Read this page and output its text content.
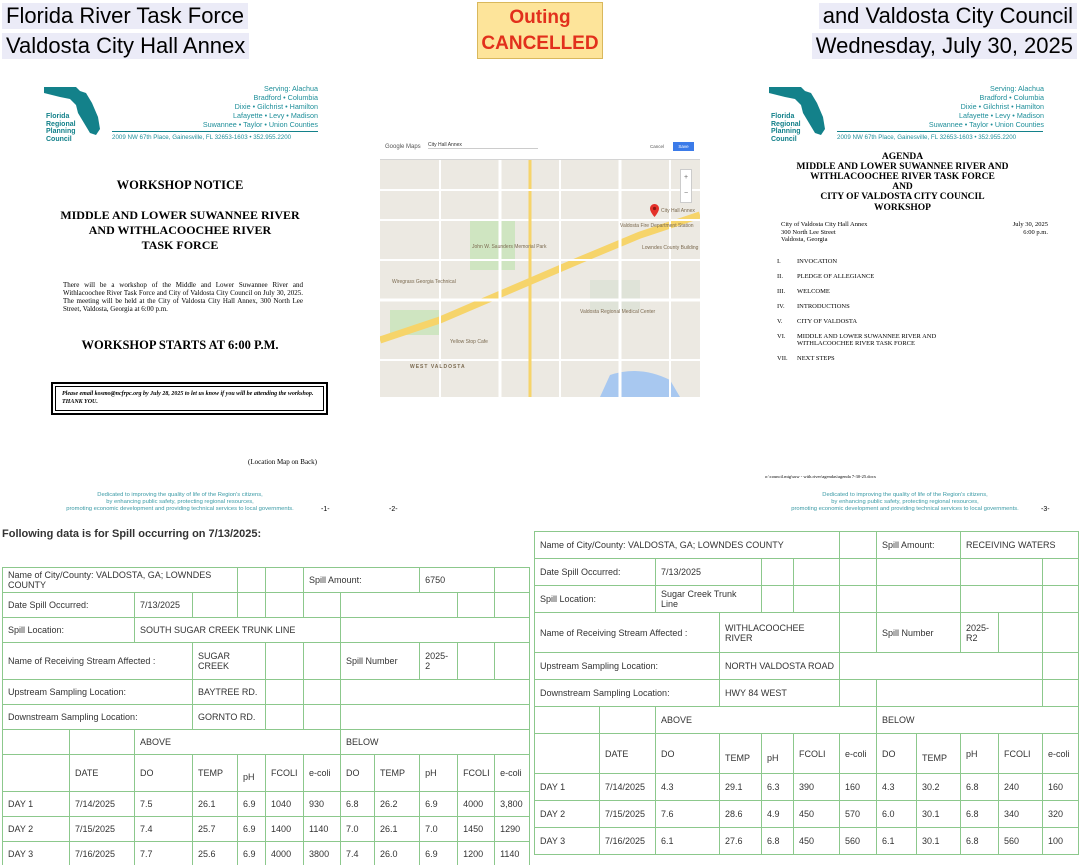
Florida River Task Force
Valdosta City Hall Annex
and Valdosta City Council
Wednesday, July 30, 2025
Outing
CANCELLED
North
Central
Florida
Regional
Planning
Council
Serving: Alachua
Bradford • Columbia
Dixie • Gilchrist • Hamilton
Lafayette • Levy • Madison
Suwannee • Taylor • Union Counties
2009 NW 67th Place, Gainesville, FL 32653-1603 • 352.955.2200
WORKSHOP NOTICE
MIDDLE AND LOWER SUWANNEE RIVER
AND WITHLACOOCHEE RIVER
TASK FORCE
There will be a workshop of the Middle and Lower Suwannee River and Withlacoochee River Task Force and City of Valdosta City Council on July 30, 2025. The meeting will be held at the City of Valdosta City Hall Annex, 300 North Lee Street, Valdosta, Georgia at 6:00 p.m.
WORKSHOP STARTS AT 6:00 P.M.
Please email kosmo@ncfrpc.org by July 28, 2025 to let us know if you will be attending the workshop. THANK YOU.
(Location Map on Back)
Dedicated to improving the quality of life of the Region's citizens,
by enhancing public safety, protecting regional resources,
promoting economic development and providing technical services to local governments.	-1-
Google Maps City Hall Annex	Cancel	Save
+
−
City Hall Annex
Valdosta Fire Department Station
Lowndes County Building
John W. Saunders Memorial Park
Wiregrass Georgia Technical
Valdosta Regional Medical Center
Yellow Stop Cafe
WEST VALDOSTA
-2-
North
Central
Florida
Regional
Planning
Council
Serving: Alachua
Bradford • Columbia
Dixie • Gilchrist • Hamilton
Lafayette • Levy • Madison
Suwannee • Taylor • Union Counties
2009 NW 67th Place, Gainesville, FL 32653-1603 • 352.955.2200
AGENDA
MIDDLE AND LOWER SUWANNEE RIVER AND
WITHLACOOCHEE RIVER TASK FORCE
AND
CITY OF VALDOSTA CITY COUNCIL
WORKSHOP
City of Valdosta City Hall Annex
300 North Lee Street
Valdosta, Georgia
July 30, 2025
6:00 p.m.
I. INVOCATION
II. PLEDGE OF ALLEGIANCE
III. WELCOME
IV. INTRODUCTIONS
V. CITY OF VALDOSTA
VI. MIDDLE AND LOWER SUWANNEE RIVER AND
WITHLACOOCHEE RIVER TASK FORCE
VII. NEXT STEPS
o:\council.mtg\suw - with.river\agendas\agenda 7-30-25.docx
Dedicated to improving the quality of life of the Region's citizens,
by enhancing public safety, protecting regional resources,
promoting economic development and providing technical services to local governments.	-3-
Following data is for Spill occurring on 7/13/2025:
Name of City/County: VALDOSTA, GA; LOWNDES COUNTY						Spill Amount:			6750		
Date Spill Occurred:		7/13/2025									
Spill Location:		SOUTH SUGAR CREEK TRUNK LINE									
Name of Receiving Stream Affected :			SUGAR CREEK				Spill Number		2025-2		
Upstream Sampling Location:			BAYTREE RD.								
Downstream Sampling Location:			GORNTO RD.								
		ABOVE					BELOW				
	DATE	DO	TEMP	pH	FCOLI	e-coli	DO	TEMP	pH	FCOLI	e-coli
DAY 1	7/14/2025	7.5	26.1	6.9	1040	930	6.8	26.2	6.9	4000	3,800
DAY 2	7/15/2025	7.4	25.7	6.9	1400	1140	7.0	26.1	7.0	1450	1290
DAY 3	7/16/2025	7.7	25.6	6.9	4000	3800	7.4	26.0	6.9	1200	1140
Name of City/County: VALDOSTA, GA; LOWNDES COUNTY							Spill Amount:		RECEIVING WATERS		
Date Spill Occurred:		7/13/2025									
Spill Location:		Sugar Creek Trunk Line									
Name of Receiving Stream Affected :			WITHLACOOCHEE RIVER				Spill Number		2025-R2		
Upstream Sampling Location:			NORTH VALDOSTA ROAD								
Downstream Sampling Location:			HWY 84 WEST								
		ABOVE					BELOW				
	DATE	DO	TEMP	pH	FCOLI	e-coli	DO	TEMP	pH	FCOLI	e-coli
DAY 1	7/14/2025	4.3	29.1	6.3	390	160	4.3	30.2	6.8	240	160
DAY 2	7/15/2025	7.6	28.6	4.9	450	570	6.0	30.1	6.8	340	320
DAY 3	7/16/2025	6.1	27.6	6.8	450	560	6.1	30.1	6.8	560	100
